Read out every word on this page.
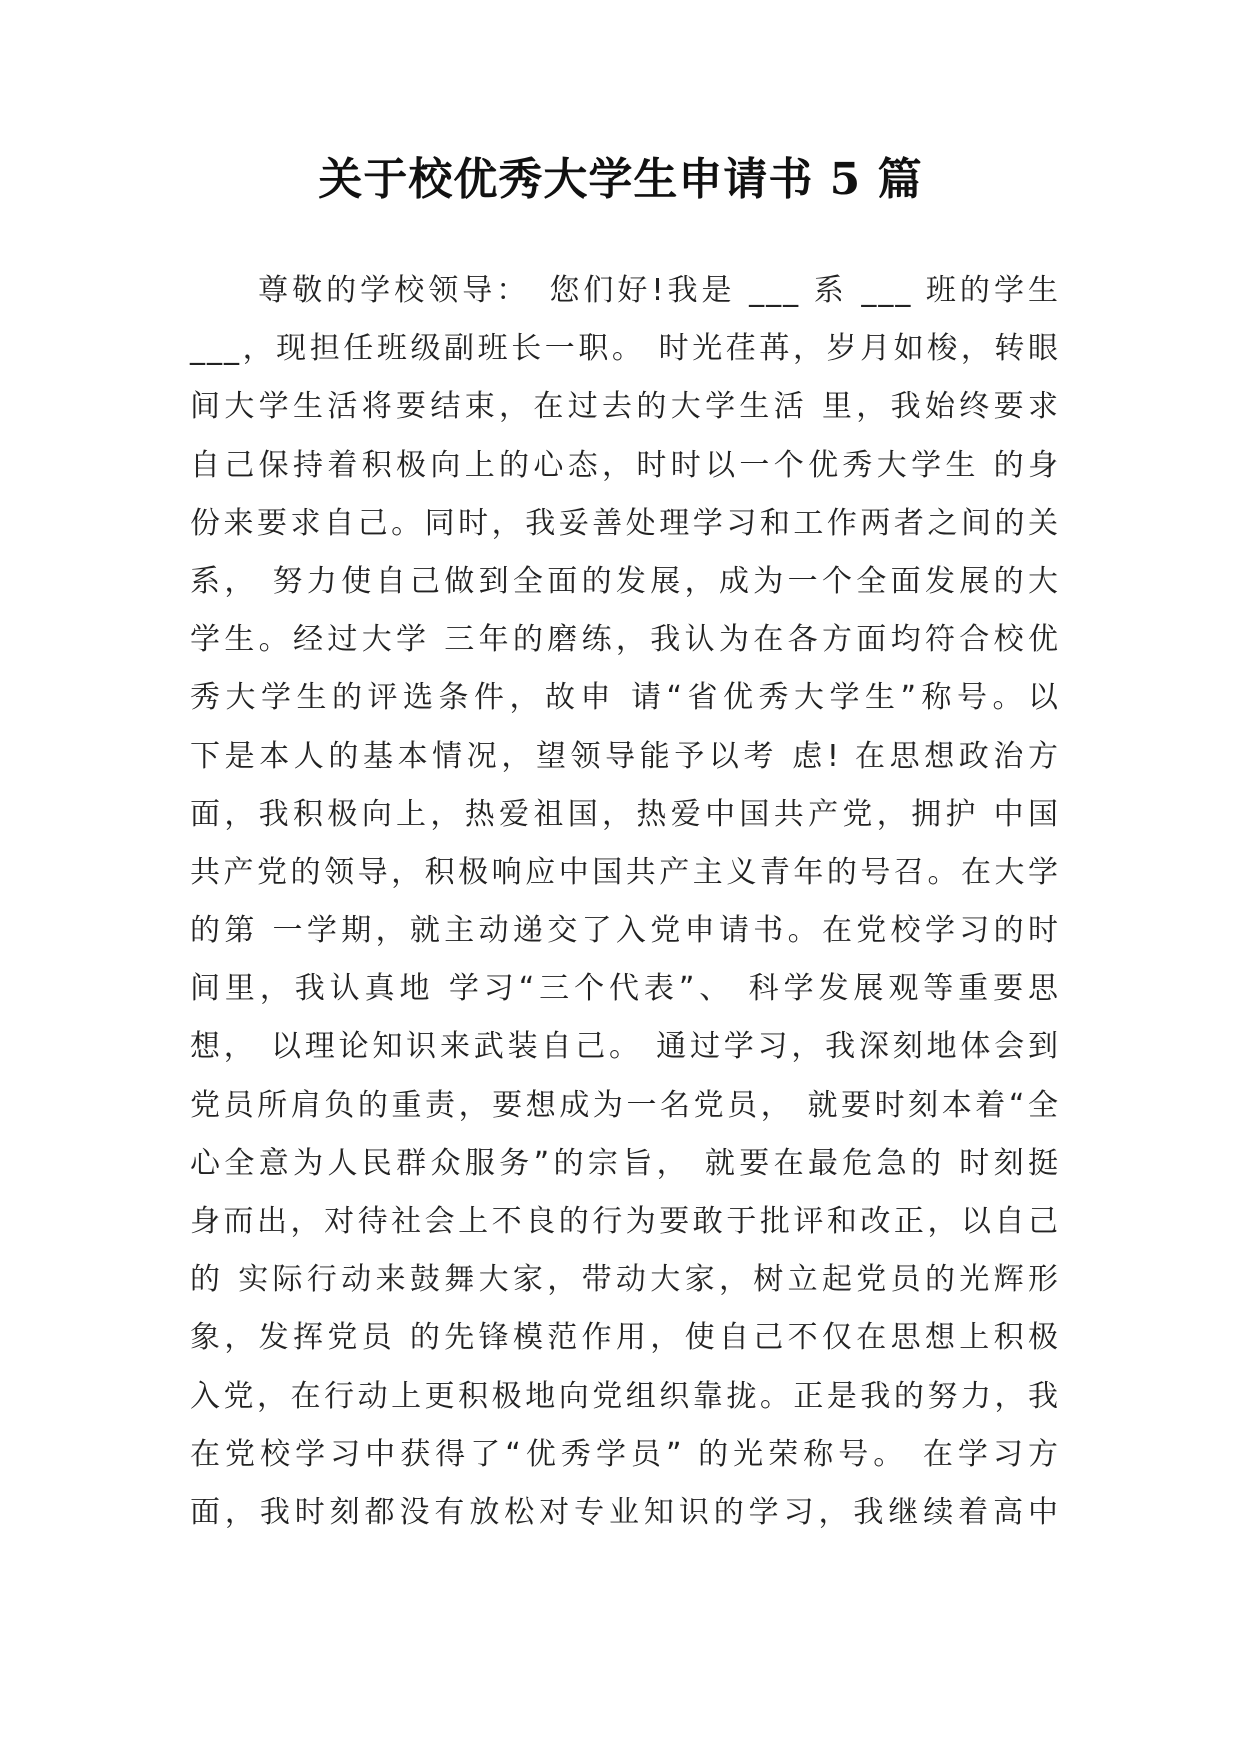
关于校优秀大学生申请书 5 篇
　　尊敬的学校领导：　您们好!我是 ___ 系 ___ 班的学生
___，现担任班级副班长一职。 时光荏苒，岁月如梭，转眼
间大学生活将要结束，在过去的大学生活 里，我始终要求
自己保持着积极向上的心态，时时以一个优秀大学生 的身
份来要求自己。同时，我妥善处理学习和工作两者之间的关
系， 努力使自己做到全面的发展，成为一个全面发展的大
学生。经过大学 三年的磨练，我认为在各方面均符合校优
秀大学生的评选条件，故申 请“省优秀大学生”称号。以
下是本人的基本情况，望领导能予以考 虑! 在思想政治方
面，我积极向上，热爱祖国，热爱中国共产党，拥护 中国
共产党的领导，积极响应中国共产主义青年的号召。在大学
的第 一学期，就主动递交了入党申请书。在党校学习的时
间里，我认真地 学习“三个代表”、 科学发展观等重要思
想， 以理论知识来武装自己。 通过学习，我深刻地体会到
党员所肩负的重责，要想成为一名党员， 就要时刻本着“全
心全意为人民群众服务”的宗旨， 就要在最危急的 时刻挺
身而出，对待社会上不良的行为要敢于批评和改正，以自己
的 实际行动来鼓舞大家，带动大家，树立起党员的光辉形
象，发挥党员 的先锋模范作用，使自己不仅在思想上积极
入党，在行动上更积极地向党组织靠拢。正是我的努力，我
在党校学习中获得了“优秀学员” 的光荣称号。 在学习方
面，我时刻都没有放松对专业知识的学习，我继续着高中
